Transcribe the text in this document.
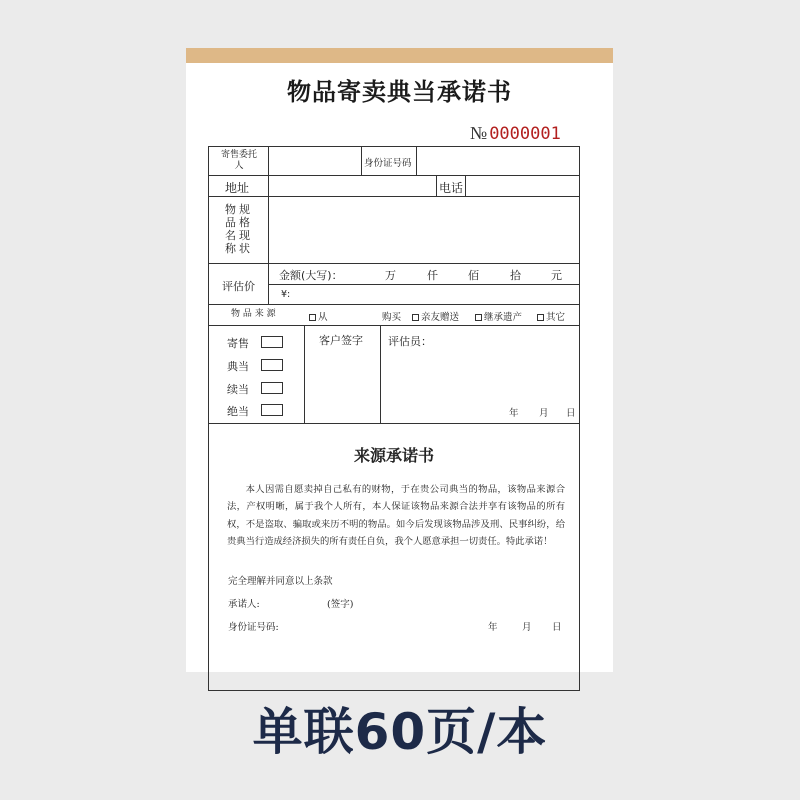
物品寄卖典当承诺书
№ 0000001
寄售委托人	身份证号码
地址	电话
物规品格名现称状
评估价
金额(大写)：	万	仟	佰	拾	元
¥:
物 品 来 源	从	购买	亲友赠送	继承遗产	其它
寄售
典当
续当
绝当
客户签字 评估员：
年 月 日
来源承诺书
本人因需自愿卖掉自己私有的财物，于在贵公司典当的物品，该物品来源合法，产权明晰，属于我个人所有，本人保证该物品来源合法并享有该物品的所有权，不是盗取、骗取或来历不明的物品。如今后发现该物品涉及刑、民事纠纷，给贵典当行造成经济损失的所有责任自负，我个人愿意承担一切责任。特此承诺！
完全理解并同意以上条款
承诺人:	(签字)
身份证号码:	年	月 日
单联60页/本
